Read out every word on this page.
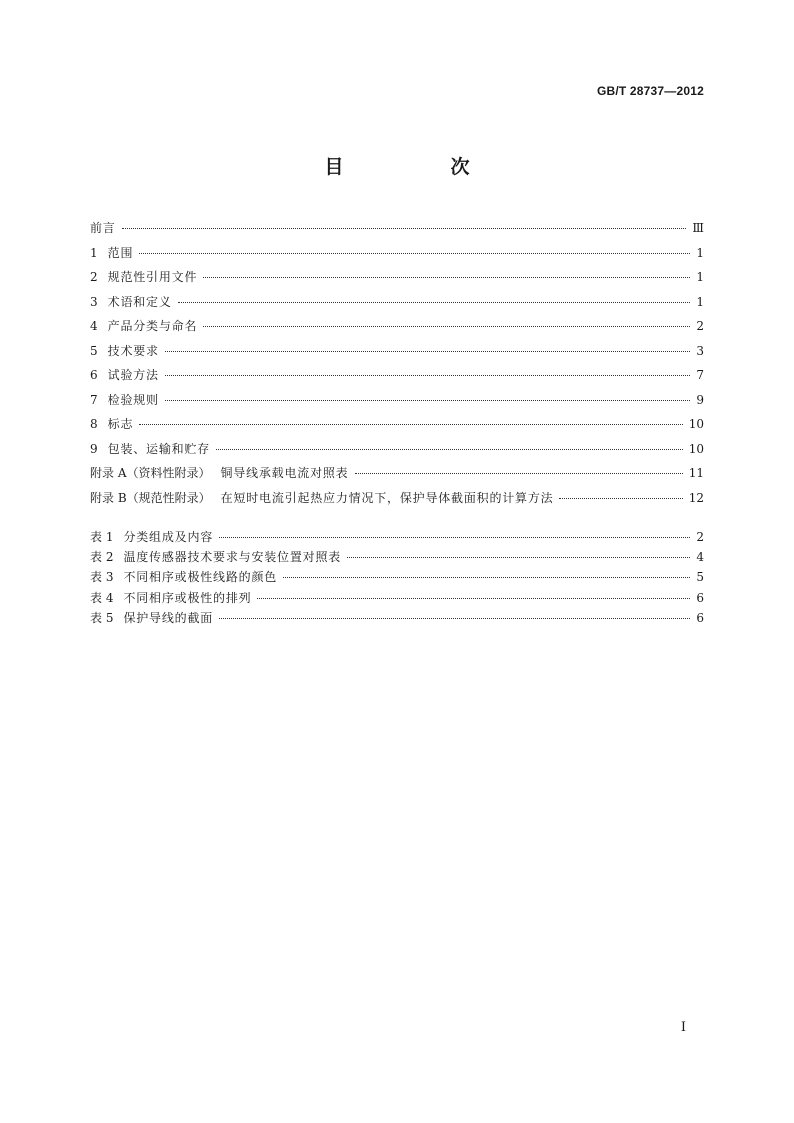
GB/T 28737—2012
目　次
前言	Ⅲ
1 范围	1
2 规范性引用文件	1
3 术语和定义	1
4 产品分类与命名	2
5 技术要求	3
6 试验方法	7
7 检验规则	9
8 标志	10
9 包装、运输和贮存	10
附录 A（资料性附录） 铜导线承载电流对照表	11
附录 B（规范性附录） 在短时电流引起热应力情况下，保护导体截面积的计算方法	12
表 1 分类组成及内容	2
表 2 温度传感器技术要求与安装位置对照表	4
表 3 不同相序或极性线路的颜色	5
表 4 不同相序或极性的排列	6
表 5 保护导线的截面	6
Ⅰ
